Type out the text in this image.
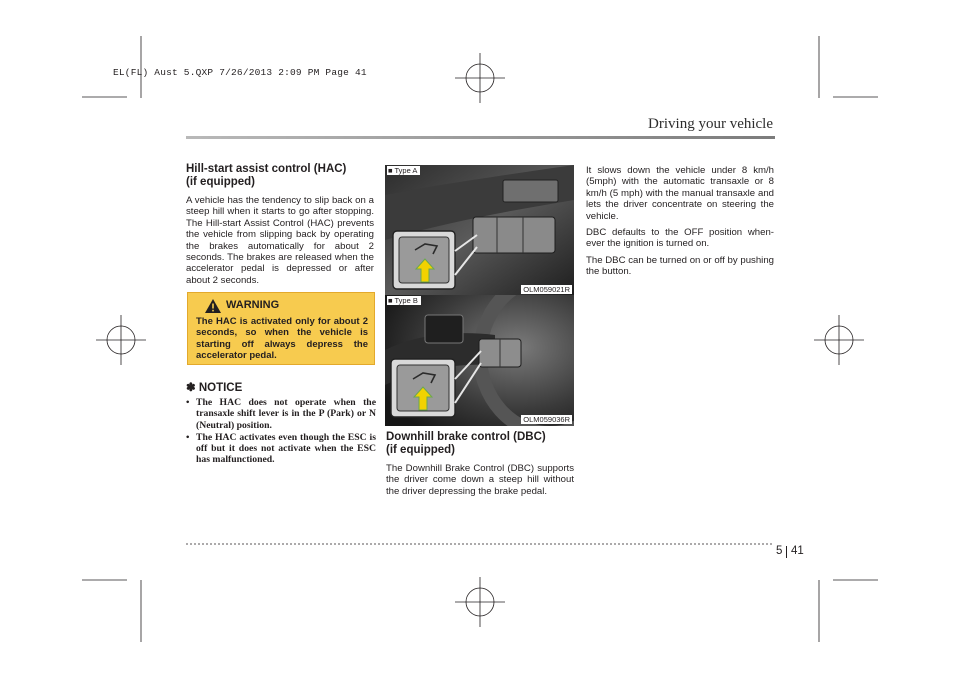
EL(FL) Aust 5.QXP 7/26/2013 2:09 PM Page 41
Driving your vehicle
Hill-start assist control (HAC)
(if equipped)

A vehicle has the tendency to slip back on a steep hill when it starts to go after stopping. The Hill-start Assist Control (HAC) prevents the vehicle from slipping back by operating the brakes automatically for about 2 seconds. The brakes are released when the accelerator pedal is depressed or after about 2 seconds.

WARNING
The HAC is activated only for about 2 seconds, so when the vehicle is starting off always depress the accelerator pedal.
✽ NOTICE
• The HAC does not operate when the transaxle shift lever is in the P (Park) or N (Neutral) position.
• The HAC activates even though the ESC is off but it does not activate when the ESC has malfunctioned.
■ Type A
OLM059021R
■ Type B
OLM059036R
Downhill brake control (DBC)
(if equipped)

The Downhill Brake Control (DBC) supports the driver come down a steep hill without the driver depressing the brake pedal.

It slows down the vehicle under 8 km/h (5mph) with the automatic transaxle or 8 km/h (5 mph) with the manual transaxle and lets the driver concentrate on steering the vehicle.

DBC defaults to the OFF position when-ever the ignition is turned on.

The DBC can be turned on or off by pushing the button.

5 41
